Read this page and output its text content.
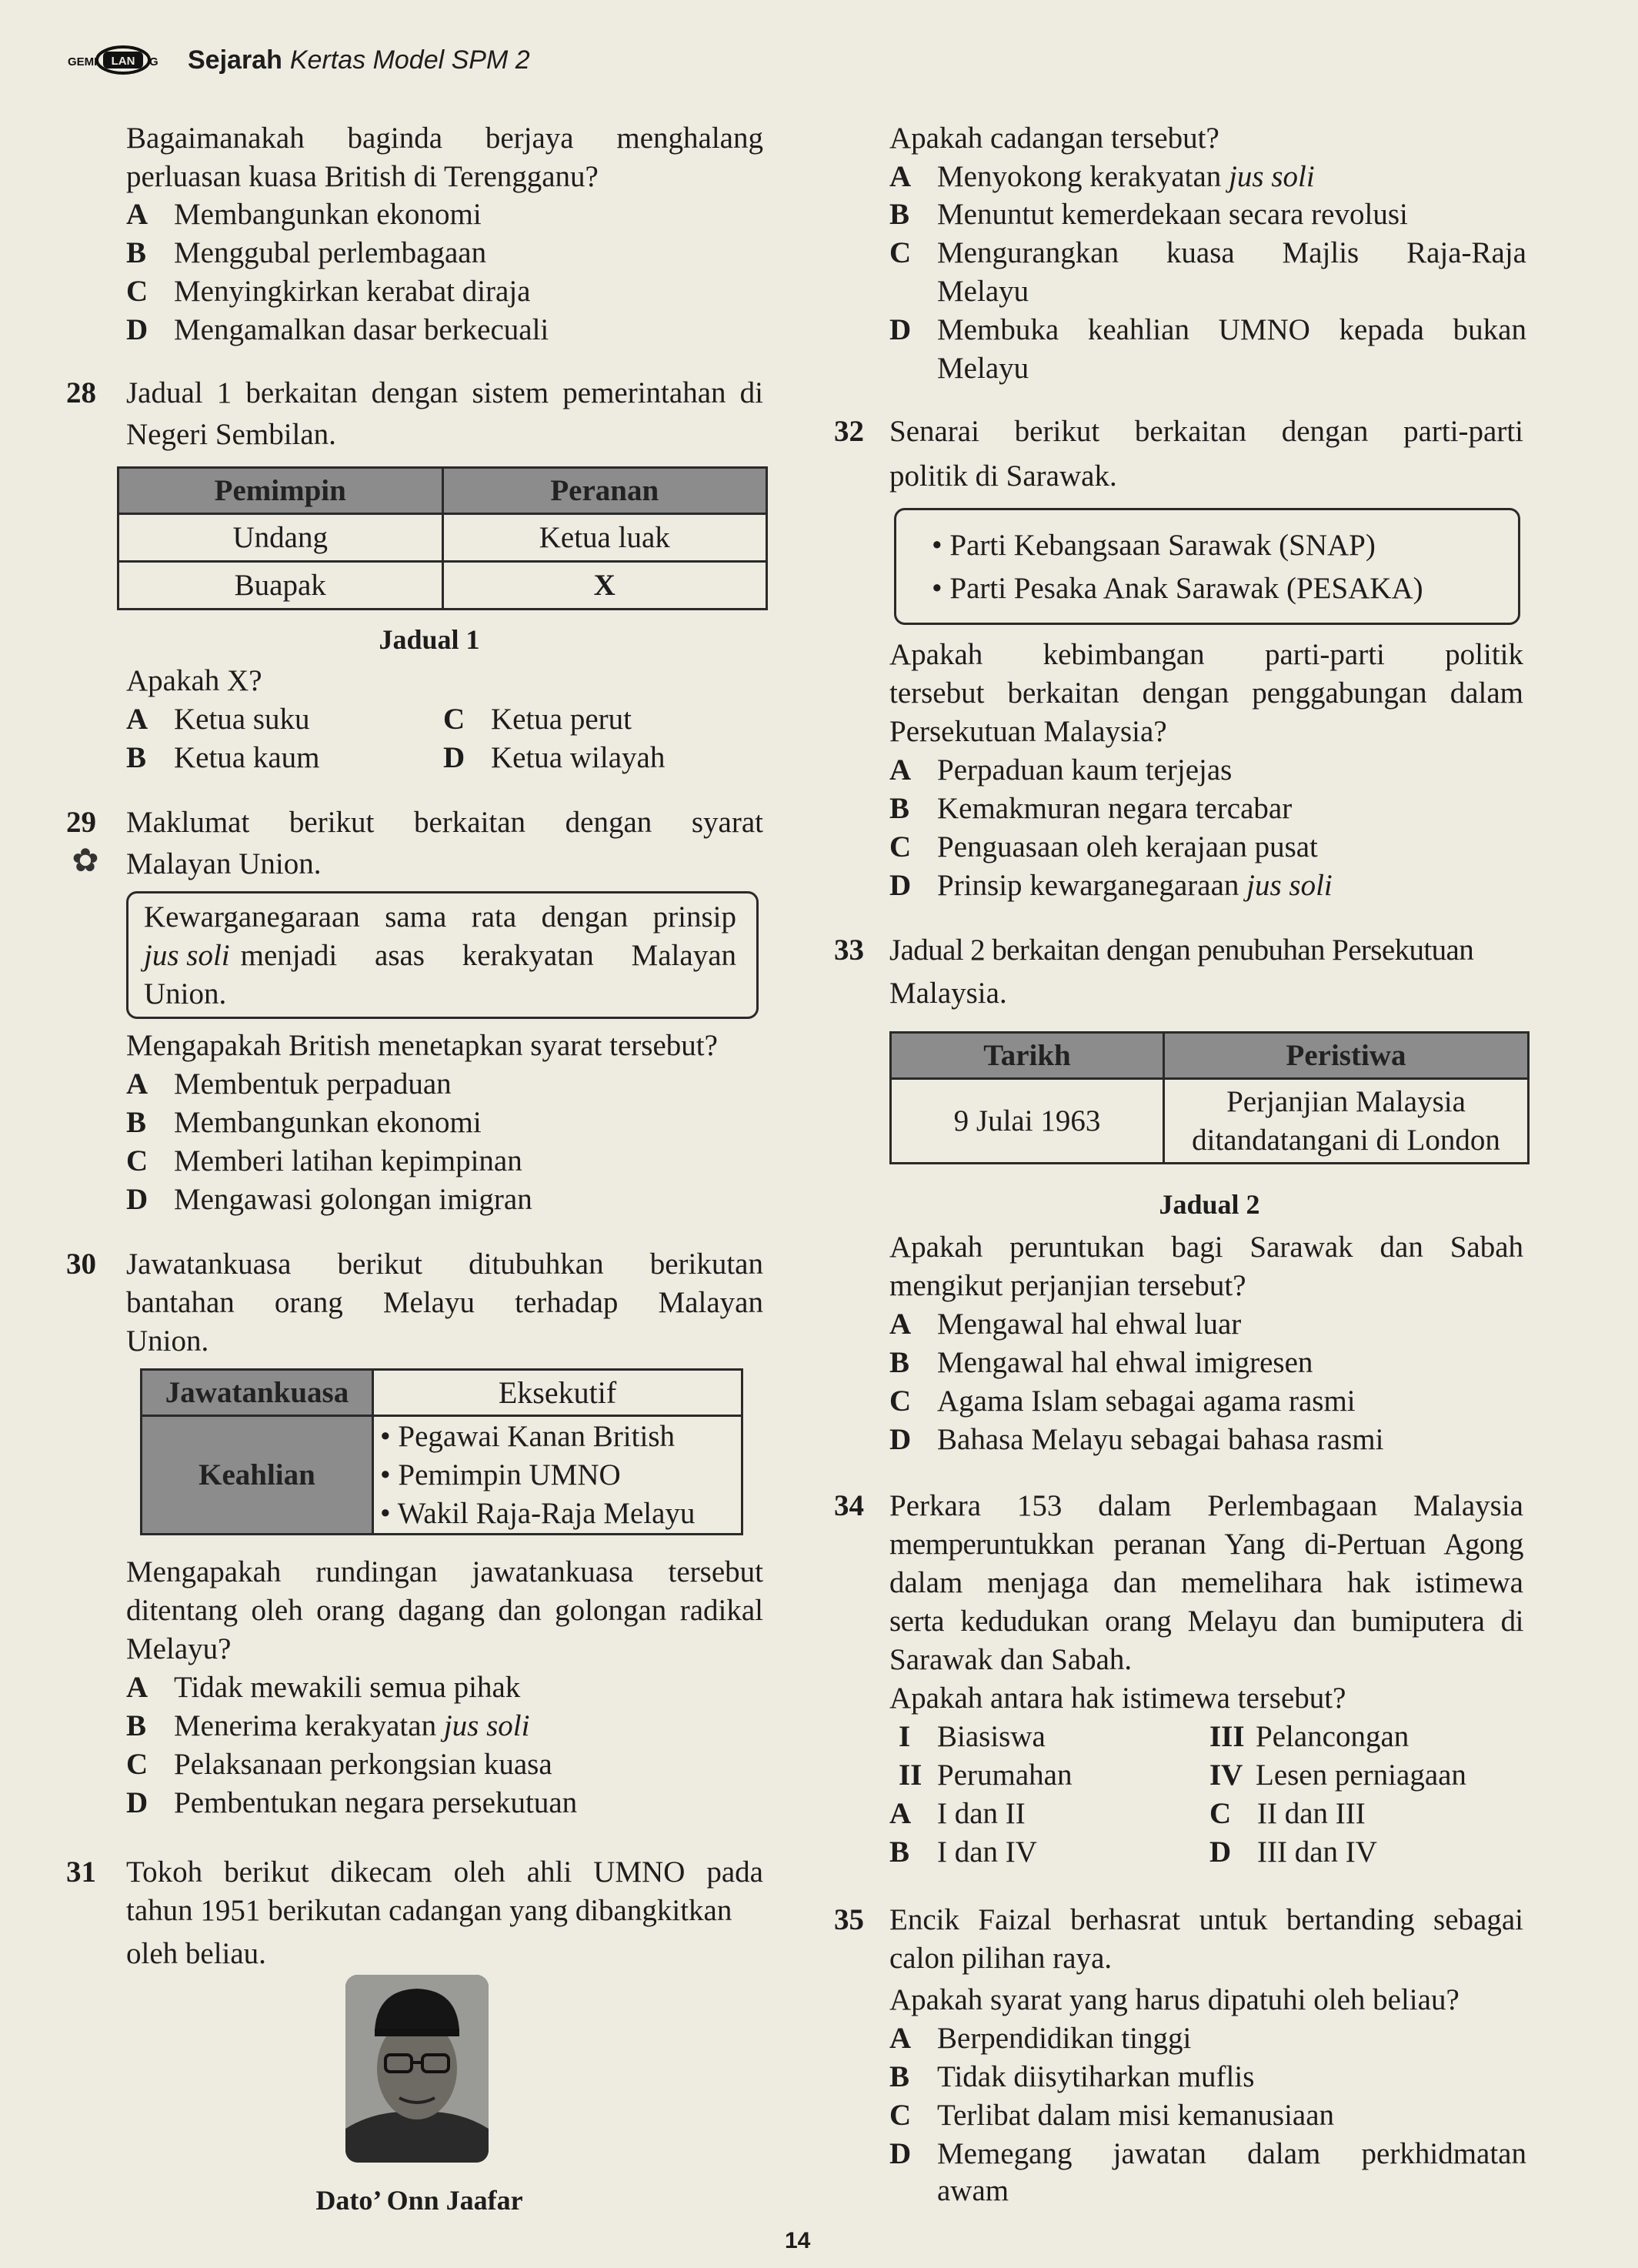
LAN
GEMI	G Sejarah Kertas Model SPM 2
Bagaimanakah baginda berjaya menghalang
perluasan kuasa British di Terengganu?
A Membangunkan ekonomi
B Menggubal perlembagaan
C Menyingkirkan kerabat diraja
D Mengamalkan dasar berkecuali
28 Jadual 1 berkaitan dengan sistem pemerintahan di
Negeri Sembilan.
Pemimpin	Peranan
Undang	Ketua luak
Buapak	X
Jadual 1
Apakah X?
A Ketua suku
B Ketua kaum
C Ketua perut
D Ketua wilayah
29
✿
Maklumat berikut berkaitan dengan syarat
Malayan Union.
Kewarganegaraan sama rata dengan prinsip
jus soli menjadi asas kerakyatan Malayan
Union.
Mengapakah British menetapkan syarat tersebut?
A Membentuk perpaduan
B Membangunkan ekonomi
C Memberi latihan kepimpinan
D Mengawasi golongan imigran
30 Jawatankuasa berikut ditubuhkan berikutan
bantahan orang Melayu terhadap Malayan
Union.
Jawatankuasa	Eksekutif
Keahlian	• Pegawai Kanan British
• Pemimpin UMNO
• Wakil Raja-Raja Melayu
Mengapakah rundingan jawatankuasa tersebut
ditentang oleh orang dagang dan golongan radikal
Melayu?
A Tidak mewakili semua pihak
B Menerima kerakyatan jus soli
C Pelaksanaan perkongsian kuasa
D Pembentukan negara persekutuan
31 Tokoh berikut dikecam oleh ahli UMNO pada
tahun 1951 berikutan cadangan yang dibangkitkan
oleh beliau.
Dato’ Onn Jaafar
Apakah cadangan tersebut?
A Menyokong kerakyatan jus soli
B Menuntut kemerdekaan secara revolusi
C Mengurangkan kuasa Majlis Raja-Raja
Melayu
D Membuka keahlian UMNO kepada bukan
Melayu
32 Senarai berikut berkaitan dengan parti-parti
politik di Sarawak.
• Parti Kebangsaan Sarawak (SNAP)
• Parti Pesaka Anak Sarawak (PESAKA)
Apakah kebimbangan parti-parti politik
tersebut berkaitan dengan penggabungan dalam
Persekutuan Malaysia?
A Perpaduan kaum terjejas
B Kemakmuran negara tercabar
C Penguasaan oleh kerajaan pusat
D Prinsip kewarganegaraan jus soli
33 Jadual 2 berkaitan dengan penubuhan Persekutuan
Malaysia.
Tarikh	Peristiwa
9 Julai 1963	Perjanjian Malaysia
ditandatangani di London
Jadual 2
Apakah peruntukan bagi Sarawak dan Sabah
mengikut perjanjian tersebut?
A Mengawal hal ehwal luar
B Mengawal hal ehwal imigresen
C Agama Islam sebagai agama rasmi
D Bahasa Melayu sebagai bahasa rasmi
34 Perkara 153 dalam Perlembagaan Malaysia
memperuntukkan peranan Yang di-Pertuan Agong
dalam menjaga dan memelihara hak istimewa
serta kedudukan orang Melayu dan bumiputera di
Sarawak dan Sabah.
Apakah antara hak istimewa tersebut?
I Biasiswa
II Perumahan
III Pelancongan
IV Lesen perniagaan
A I dan II
B I dan IV
C II dan III
D III dan IV
35 Encik Faizal berhasrat untuk bertanding sebagai
calon pilihan raya.
Apakah syarat yang harus dipatuhi oleh beliau?
A Berpendidikan tinggi
B Tidak diisytiharkan muflis
C Terlibat dalam misi kemanusiaan
D Memegang jawatan dalam perkhidmatan
awam
14
